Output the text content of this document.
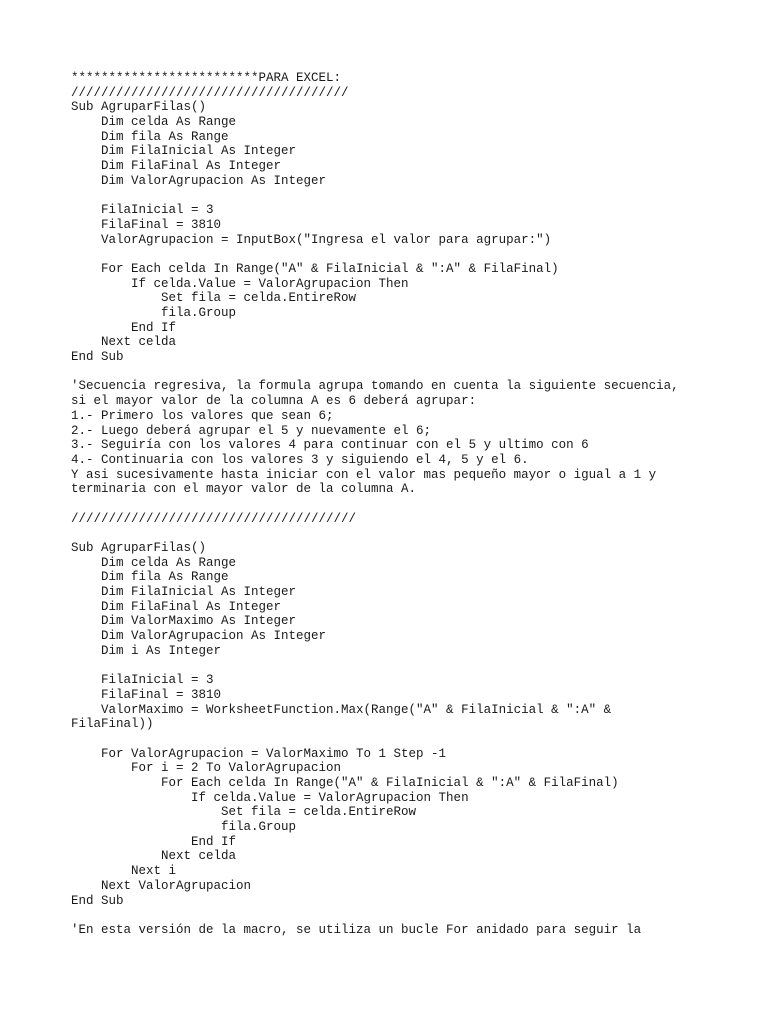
*************************PARA EXCEL:
/////////////////////////////////////
Sub AgruparFilas()
Dim celda As Range
Dim fila As Range
Dim FilaInicial As Integer
Dim FilaFinal As Integer
Dim ValorAgrupacion As Integer
FilaInicial = 3
FilaFinal = 3810
ValorAgrupacion = InputBox("Ingresa el valor para agrupar:")
For Each celda In Range("A" & FilaInicial & ":A" & FilaFinal)
If celda.Value = ValorAgrupacion Then
Set fila = celda.EntireRow
fila.Group
End If
Next celda
End Sub
'Secuencia regresiva, la formula agrupa tomando en cuenta la siguiente secuencia,
si el mayor valor de la columna A es 6 deberá agrupar:
1.- Primero los valores que sean 6;
2.- Luego deberá agrupar el 5 y nuevamente el 6;
3.- Seguiría con los valores 4 para continuar con el 5 y ultimo con 6
4.- Continuaria con los valores 3 y siguiendo el 4, 5 y el 6.
Y asi sucesivamente hasta iniciar con el valor mas pequeño mayor o igual a 1 y
terminaria con el mayor valor de la columna A.
//////////////////////////////////////
Sub AgruparFilas()
Dim celda As Range
Dim fila As Range
Dim FilaInicial As Integer
Dim FilaFinal As Integer
Dim ValorMaximo As Integer
Dim ValorAgrupacion As Integer
Dim i As Integer
FilaInicial = 3
FilaFinal = 3810
ValorMaximo = WorksheetFunction.Max(Range("A" & FilaInicial & ":A" &
FilaFinal))
For ValorAgrupacion = ValorMaximo To 1 Step -1
For i = 2 To ValorAgrupacion
For Each celda In Range("A" & FilaInicial & ":A" & FilaFinal)
If celda.Value = ValorAgrupacion Then
Set fila = celda.EntireRow
fila.Group
End If
Next celda
Next i
Next ValorAgrupacion
End Sub
'En esta versión de la macro, se utiliza un bucle For anidado para seguir la
